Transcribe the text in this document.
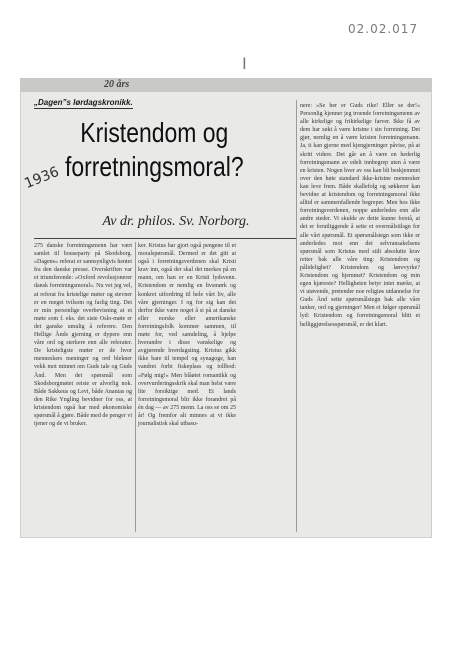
02.02.017
I
20 års
„Dagen”s lørdagskronikk.
Kristendom og
forretningsmoral?
1936
Av dr. philos. Sv. Norborg.

275 danske forretningsmenn har vært samlet til houseparty på Skodsborg. »Dagens« referat er sannsynligvis hentet fra den danske presse. Overskriften var et triumferende: »Oxford revolusjonerer dansk forretningsmoral«. Nu vet jeg vel, at referat fra kristelige møter og stevner er en meget tvilsom og farlig ting. Det er min personlige overbevisning at et møte som f. eks. det siste Oslo-møte er det ganske umulig å referere. Den Hellige Ånds gjerning er dypere enn våre ord og sterkere enn alle referater. De kristeligste møter er de hvor menneskers meninger og ord blekner vekk mot minnet om Guds tale og Guds Ånd. Men det spørsmål som Skodsborgmøtet reiste er alvorlig nok. Både Sakkeus og Levi, både Ananias og den Rike Yngling bevidner for oss, at kristendom også har med økonomiske spørsmål å gjøre. Både med de penger vi tjener og de vi bruker.

ker. Kristus har gjort også pengene til et moralspørsmål. Dermed er det gitt at også i forretningsverdenen skal Kristi krav inn, også der skal det merkes på en mann, om han er en Kristi lydsvenn. Kristendom er nemlig en livsmørk og konkret utfordring til hele vårt liv, alle våre gjerninger. I og for sig kan det derfor ikke være noget å si på at danske eller norske eller amerikanske forretningsfolk kommer sammen, til møte for, ved samdeling, å hjelpe hverandre i disse vanskelige og avgjørende hverdagsting. Kristus gikk ikke bare til tempel og synagoge, han vandret forbi fiskeplass og tollbod: »Følg mig!« Men blåøiet romantikk og overvurderingsskrik skal man helst være lite forsiktige med. Et lands forretningsmoral blir ikke forandret på én dag — av 275 menn. La oss se om 25 år! Og fremfor alt minnes at vi ikke journalistisk skal utbasu-

nere: »Se her er Guds rike! Eller se der!« Personlig kjenner jeg troende forretningsmenn av alle kirkelige og frikirkelige farver. Ikke få av dem har søkt å være kristne i sin forretning. Det gjør, nemlig en å være kristen forretningsmann. Ja, ti kan gjerne med kjengjerninger påvise, på at skritt videre. Det går an å være en hederlig forretningsmann av edelt innbegrep uten å være en kristen. Nogen hver av oss kan bli beskjemmet over den høie standard ikke-kristne mennesker kan leve frem. Både skallefolg og søkkerer kan bevidne at kristendom og forretningsmoral ikke alltid er sammenfallende begreper. Men hos ikke forretningsverdenen, noppe anderledes enn alle andre steder. Vi skulde av dette kunne forstå, at det er forutliggende å sette et overmålstilsgn for alle vårt spørsmål. Et spørsmålstegn som ikke er anderledes mot enn det selvransakelsens spørsmål som Kristus med stilt absolutte krav retter bak alle våre ting: Kristendom og pålidelighet? Kristendom og lærevyrke? Kristendom og hjemmet? Kristendom og min egen kjæreste? Helligheten betyr intet mørke, at vi utøvende, pretender noe religiøs utdannelse for Guds Ånd sette spørsmålstegn bak alle våre tanker, ord og gjerninger! Men et følger spørsmål lyd: Kristendom og forretningsmoral blitt et helliggjørelsesspørsmål, er det klart.
